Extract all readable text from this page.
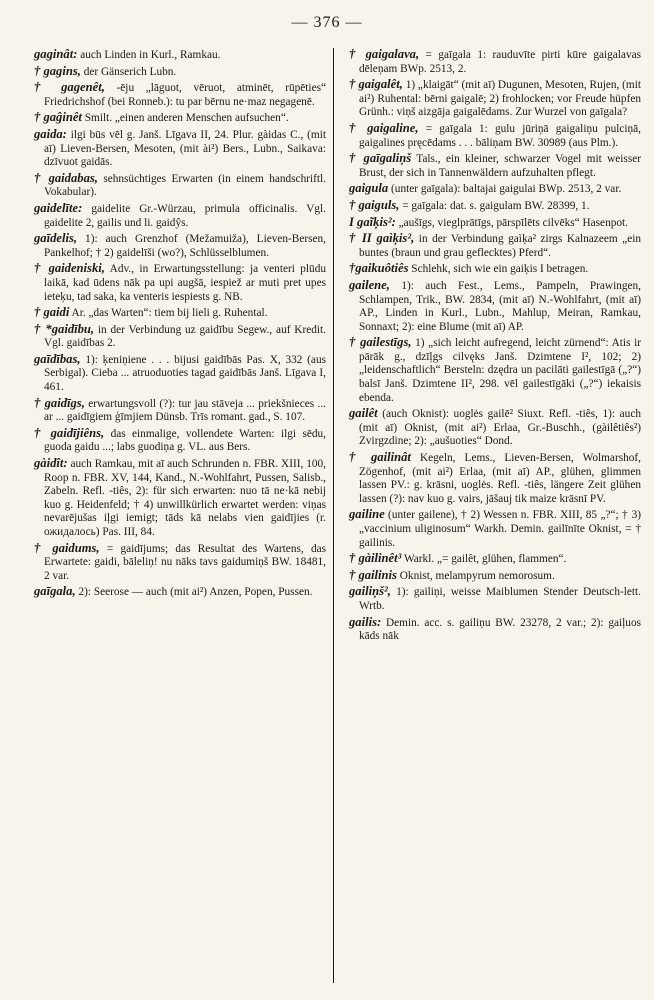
— 376 —

gaginât: auch Linden in Kurl., Ramkau.

† gagins, der Gänserich Lubn.

† gagenêt, -ēju „lāguot, vēruot, atminēt, rūpēties“ Friedrichshof (bei Ronneb.): tu par bērnu ne·maz negagenē.

† gaĝinêt Smilt. „einen anderen Menschen aufsuchen“.

gaida: ilgi būs vēl g. Janš. Līgava II, 24. Plur. gàidas C., (mit aī) Lieven-Bersen, Mesoten, (mit ài²) Bers., Lubn., Saikava: dzīvuot gaidās.

† gaidabas, sehnsüchtiges Erwarten (in einem handschriftl. Vokabular).

gaidelīte: gaidelite Gr.-Würzau, primula officinalis. Vgl. gaidelite 2, gailis und li. gaidŷs.

gaīdelis, 1): auch Grenzhof (Mežamuiža), Lieven-Bersen, Pankelhof; † 2) gaidelīši (wo?), Schlüsselblumen.

† gaideniski, Adv., in Erwartungsstellung: ja venteri plūdu laikā, kad ūdens nāk pa upi augšā, iespiež ar muti pret upes ieteķu, tad saka, ka venteris iespiests g. NB.

† gaidi Ar. „das Warten“: tiem bij lieli g. Ruhental.

† *gaidību, in der Verbindung uz gaidību Segew., auf Kredit. Vgl. gaidības 2.

gaīdības, 1): ķeniņiene . . . bijusi gaidībās Pas. X, 332 (aus Serbigal). Cieba ... atruoduoties tagad gaidībās Janš. Līgava I, 461.

† gaidīgs, erwartungsvoll (?): tur jau stāveja ... priekšnieces ... ar ... gaidīgiem ģīmjiem Dünsb. Trīs romant. gad., S. 107.

† gaidījiêns, das einmalige, vollendete Warten: ilgi sēdu, guoda gaidu ...; labs guodiņa g. VL. aus Bers.

gàidît: auch Ramkau, mit aī auch Schrunden n. FBR. XIII, 100, Roop n. FBR. XV, 144, Kand., N.-Wohlfahrt, Pussen, Salisb., Zabeln. Refl. -tiês, 2): für sich erwarten: nuo tā ne·kā nebij kuo g. Heidenfeld; † 4) unwillkürlich erwartet werden: viņas nevarējušas iļgi iemigt; tāds kā nelabs vien gaidījies (r. ожидалось) Pas. III, 84.

† gaidums, = gaidījums; das Resultat des Wartens, das Erwartete: gaidi, bāleliņ! nu nāks tavs gaidumiņš BW. 18481, 2 var.

gaīgala, 2): Seerose — auch (mit ai²) Anzen, Popen, Pussen.

† gaigalava, = gaīgala 1: rauduvīte pirti kūre gaigalavas dēleņam BWp. 2513, 2.

† gaigalêt, 1) „klaigāt“ (mit aī) Dugunen, Mesoten, Rujen, (mit ai²) Ruhental: bērni gaigalē; 2) frohlocken; vor Freude hüpfen Grünh.: viņš aizgāja gaigalēdams. Zur Wurzel von gaīgala?

† gaigaline, = gaīgala 1: gulu jūriņā gaigaliņu pulciņā, gaigalines pręcēdams . . . bāliņam BW. 30989 (aus Plm.).

† gaīgaliņš Tals., ein kleiner, schwarzer Vogel mit weisser Brust, der sich in Tannenwäldern aufzuhalten pflegt.

gaigula (unter gaīgala): baltajai gaigulai BWp. 2513, 2 var.

† gaiguls, = gaīgala: dat. s. gaigulam BW. 28399, 1.

I gaĩķis²: „aušīgs, vieglprātīgs, pārspīlēts cilvēks“ Hasenpot.

† II gaìķis², in der Verbindung gaìķa² zirgs Kalnazeem „ein buntes (braun und grau geflecktes) Pferd“.

†gaikuôtiês Schlehk, sich wie ein gaiķis I betragen.

gailene, 1): auch Fest., Lems., Pampeln, Prawingen, Schlampen, Trik., BW. 2834, (mit aī) N.-Wohlfahrt, (mit aī) AP., Linden in Kurl., Lubn., Mahlup, Meiran, Ramkau, Sonnaxt; 2): eine Blume (mit aī) AP.

† gailestīgs, 1) „sich leicht aufregend, leicht zürnend“: Atis ir pārāk g., dzīļgs cilvęks Janš. Dzimtene I², 102; 2) „leidenschaftlich“ Bersteln: dzędra un pacilāti gailestīgā („?“) balsī Janš. Dzimtene II², 298. vēl gailestīgāki („?“) iekaisis ebenda.

gailêt (auch Oknist): uoglės gailē² Siuxt. Refl. -tiês, 1): auch (mit aī) Oknist, (mit ai²) Erlaa, Gr.-Buschh., (gàilêtiês²) Zvirgzdine; 2): „aušuoties“ Dond.

† gailinât Kegeln, Lems., Lieven-Bersen, Wolmarshof, Zögenhof, (mit ai²) Erlaa, (mit aī) AP., glühen, glimmen lassen PV.: g. krāsni, uoglės. Refl. -tiês, längere Zeit glühen lassen (?): nav kuo g. vairs, jāšauj tik maize krāsnī PV.

gailine (unter gailene), † 2) Wessen n. FBR. XIII, 85 „?“; † 3) „vaccinium uliginosum“ Warkh. Demin. gailīnīte Oknist, = † gailinis.

† gàilinêt³ Warkl. „= gailêt, glühen, flammen“.

† gailinis Oknist, melampyrum nemorosum.

gailiņš², 1): gailiņi, weisse Maiblumen Stender Deutsch-lett. Wrtb.

gailis: Demin. acc. s. gailiņu BW. 23278, 2 var.; 2): gaiļuos kāds nāk
